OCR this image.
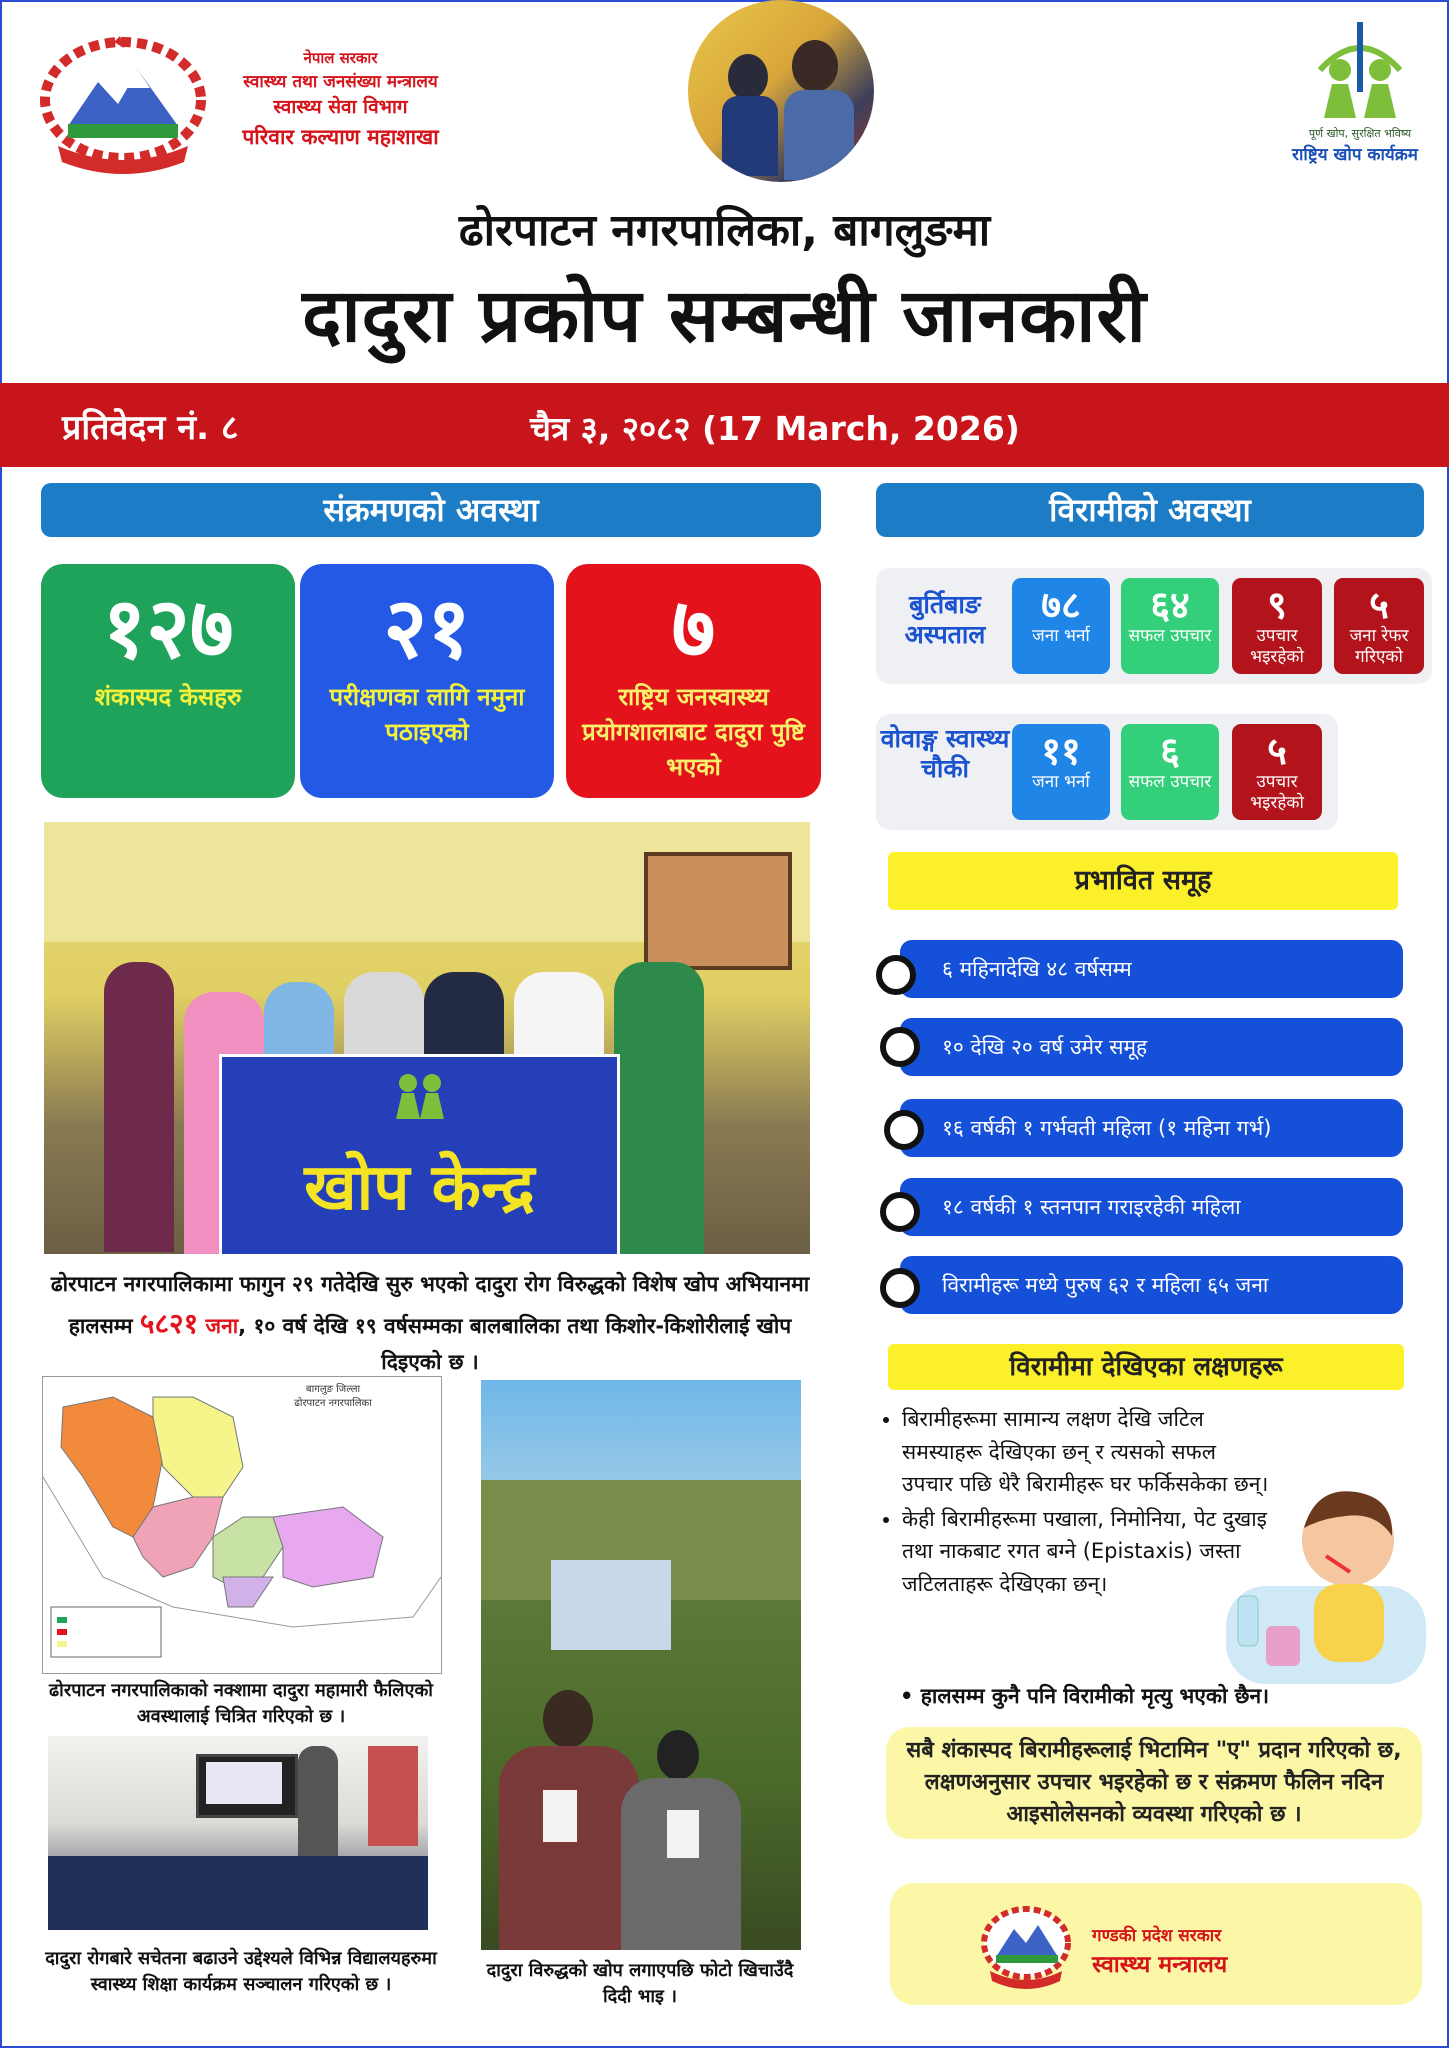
नेपाल सरकार
स्वास्थ्य तथा जनसंख्या मन्त्रालय
स्वास्थ्य सेवा विभाग
परिवार कल्याण महाशाखा	पूर्ण खोप, सुरक्षित भविष्य
राष्ट्रिय खोप कार्यक्रम
ढोरपाटन नगरपालिका, बागलुङमा
दादुरा प्रकोप सम्बन्धी जानकारी
प्रतिवेदन नं. ८	चैत्र ३, २०८२ (17 March, 2026)
संक्रमणको अवस्था
१२७
शंकास्पद केसहरु
२१
परीक्षणका लागि नमुना पठाइएको
७
राष्ट्रिय जनस्वास्थ्य प्रयोगशालाबाट दादुरा पुष्टि भएको
खोप केन्द्र
ढोरपाटन नगरपालिकामा फागुन २९ गतेदेखि सुरु भएको दादुरा रोग विरुद्धको विशेष खोप अभियानमा हालसम्म ५८२१ जना, १० वर्ष देखि १९ वर्षसम्मका बालबालिका तथा किशोर-किशोरीलाई खोप दिइएको छ ।
बागलुङ जिल्ला
ढोरपाटन नगरपालिका
ढोरपाटन नगरपालिकाको नक्शामा दादुरा महामारी फैलिएको अवस्थालाई चित्रित गरिएको छ ।
दादुरा रोगबारे सचेतना बढाउने उद्देश्यले विभिन्न विद्यालयहरुमा स्वास्थ्य शिक्षा कार्यक्रम सञ्चालन गरिएको छ ।
दादुरा विरुद्धको खोप लगाएपछि फोटो खिचाउँदै दिदी भाइ ।
विरामीको अवस्था
बुर्तिबाङ अस्पताल
७८
जना भर्ना
६४
सफल उपचार
९
उपचार भइरहेको
५
जना रेफर गरिएको
वोवाङ्ग स्वास्थ्य चौकी	११
जना भर्ना
६
सफल उपचार
५
उपचार भइरहेको
प्रभावित समूह
६ महिनादेखि ४८ वर्षसम्म
१० देखि २० वर्ष उमेर समूह
१६ वर्षकी १ गर्भवती महिला (१ महिना गर्भ)
१८ वर्षकी १ स्तनपान गराइरहेकी महिला
विरामीहरू मध्ये पुरुष ६२ र महिला ६५ जना
विरामीमा देखिएका लक्षणहरू
• बिरामीहरूमा सामान्य लक्षण देखि जटिल समस्याहरू देखिएका छन् र त्यसको सफल उपचार पछि धेरै बिरामीहरू घर फर्किसकेका छन्।
• केही बिरामीहरूमा पखाला, निमोनिया, पेट दुखाइ तथा नाकबाट रगत बग्ने (Epistaxis) जस्ता जटिलताहरू देखिएका छन्।
• हालसम्म कुनै पनि विरामीको मृत्यु भएको छैन।
सबै शंकास्पद बिरामीहरूलाई भिटामिन "ए" प्रदान गरिएको छ, लक्षणअनुसार उपचार भइरहेको छ र संक्रमण फैलिन नदिन आइसोलेसनको व्यवस्था गरिएको छ ।
गण्डकी प्रदेश सरकार
स्वास्थ्य मन्त्रालय
